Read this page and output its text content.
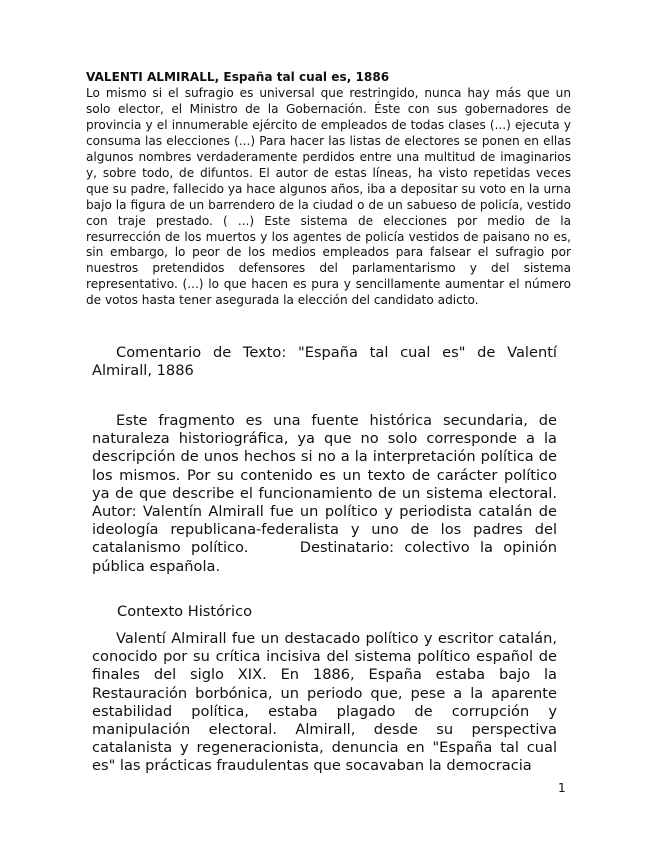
VALENTI ALMIRALL, España tal cual es, 1886
Lo mismo si el sufragio es universal que restringido, nunca hay más que un solo elector, el Ministro de la Gobernación. Éste con sus gobernadores de provincia y el innumerable ejército de empleados de todas clases (...) ejecuta y consuma las elecciones (...) Para hacer las listas de electores se ponen en ellas algunos nombres verdaderamente perdidos entre una multitud de imaginarios y, sobre todo, de difuntos. El autor de estas líneas, ha visto repetidas veces que su padre, fallecido ya hace algunos años, iba a depositar su voto en la urna bajo la figura de un barrendero de la ciudad o de un sabueso de policía, vestido con traje prestado. ( ...) Este sistema de elecciones por medio de la resurrección de los muertos y los agentes de policía vestidos de paisano no es, sin embargo, lo peor de los medios empleados para falsear el sufragio por nuestros pretendidos defensores del parlamentarismo y del sistema representativo. (...) lo que hacen es pura y sencillamente aumentar el número de votos hasta tener asegurada la elección del candidato adicto.
Comentario de Texto: "España tal cual es" de Valentí Almirall, 1886
Este fragmento es una fuente histórica secundaria, de naturaleza historiográfica, ya que no solo corresponde a la descripción de unos hechos si no a la interpretación política de los mismos. Por su contenido es un texto de carácter político ya de que describe el funcionamiento de un sistema electoral.     Autor: Valentín Almirall fue un político y periodista catalán de ideología republicana-federalista y uno de los padres del catalanismo político.     Destinatario: colectivo la opinión pública española.
Contexto Histórico
Valentí Almirall fue un destacado político y escritor catalán, conocido por su crítica incisiva del sistema político español de finales del siglo XIX. En 1886, España estaba bajo la Restauración borbónica, un periodo que, pese a la aparente estabilidad política, estaba plagado de corrupción y manipulación electoral. Almirall, desde su perspectiva catalanista y regeneracionista, denuncia en "España tal cual es" las prácticas fraudulentas que socavaban la democracia
1
